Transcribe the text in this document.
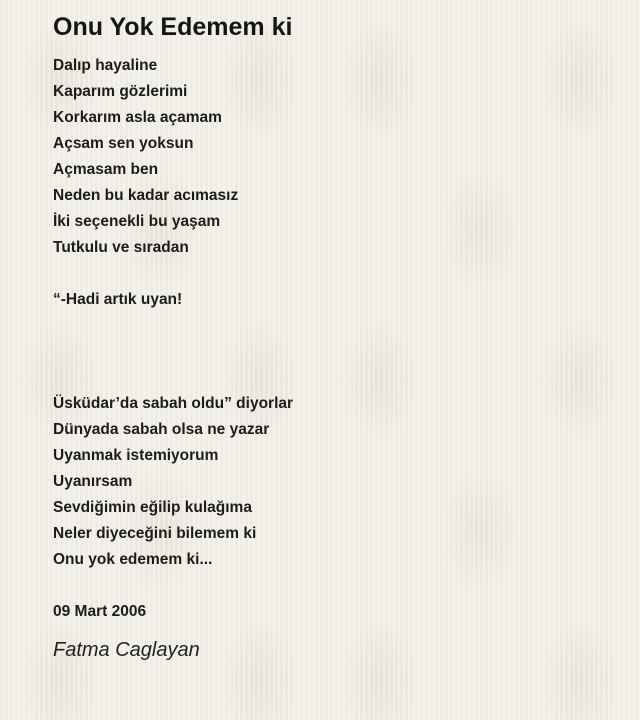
Onu Yok Edemem ki
Dalıp hayaline
Kaparım gözlerimi
Korkarım asla açamam
Açsam sen yoksun
Açmasam ben
Neden bu kadar acımasız
İki seçenekli bu yaşam
Tutkulu ve sıradan
“-Hadi artık uyan!
Üsküdar’da sabah oldu” diyorlar
Dünyada sabah olsa ne yazar
Uyanmak istemiyorum
Uyanırsam
Sevdiğimin eğilip kulağıma
Neler diyeceğini bilemem ki
Onu yok edemem ki...
09 Mart 2006
Fatma Caglayan
